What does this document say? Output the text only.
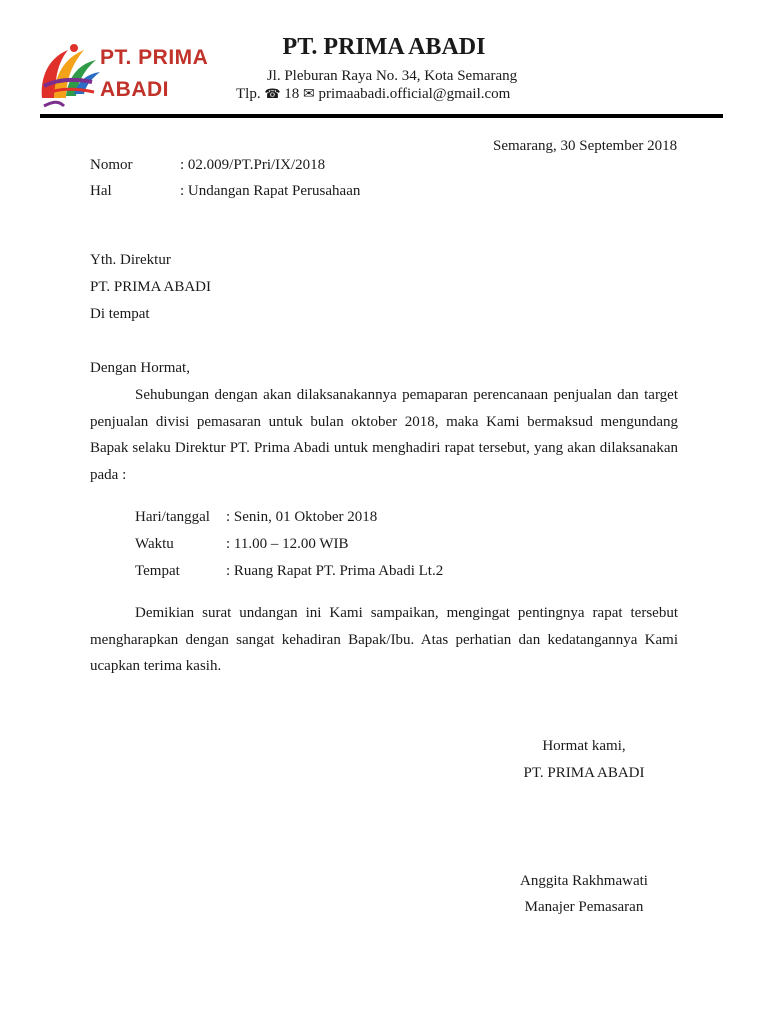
PT. PRIMA
ABADI
PT. PRIMA ABADI
Jl. Pleburan Raya No. 34, Kota Semarang
Tlp. ☎ 18 ✉ primaabadi.official@gmail.com
Semarang, 30 September 2018
Nomor	: 02.009/PT.Pri/IX/2018
Hal	: Undangan Rapat Perusahaan
Yth. Direktur
PT. PRIMA ABADI
Di tempat
Dengan Hormat,

Sehubungan dengan akan dilaksanakannya pemaparan perencanaan penjualan dan target penjualan divisi pemasaran untuk bulan oktober 2018, maka Kami bermaksud mengundang Bapak selaku Direktur PT. Prima Abadi untuk menghadiri rapat tersebut, yang akan dilaksanakan pada :

Hari/tanggal : Senin, 01 Oktober 2018
Waktu	: 11.00 – 12.00 WIB
Tempat	: Ruang Rapat PT. Prima Abadi Lt.2

Demikian surat undangan ini Kami sampaikan, mengingat pentingnya rapat tersebut mengharapkan dengan sangat kehadiran Bapak/Ibu. Atas perhatian dan kedatangannya Kami ucapkan terima kasih.

Hormat kami,
PT. PRIMA ABADI
Anggita Rakhmawati
Manajer Pemasaran
